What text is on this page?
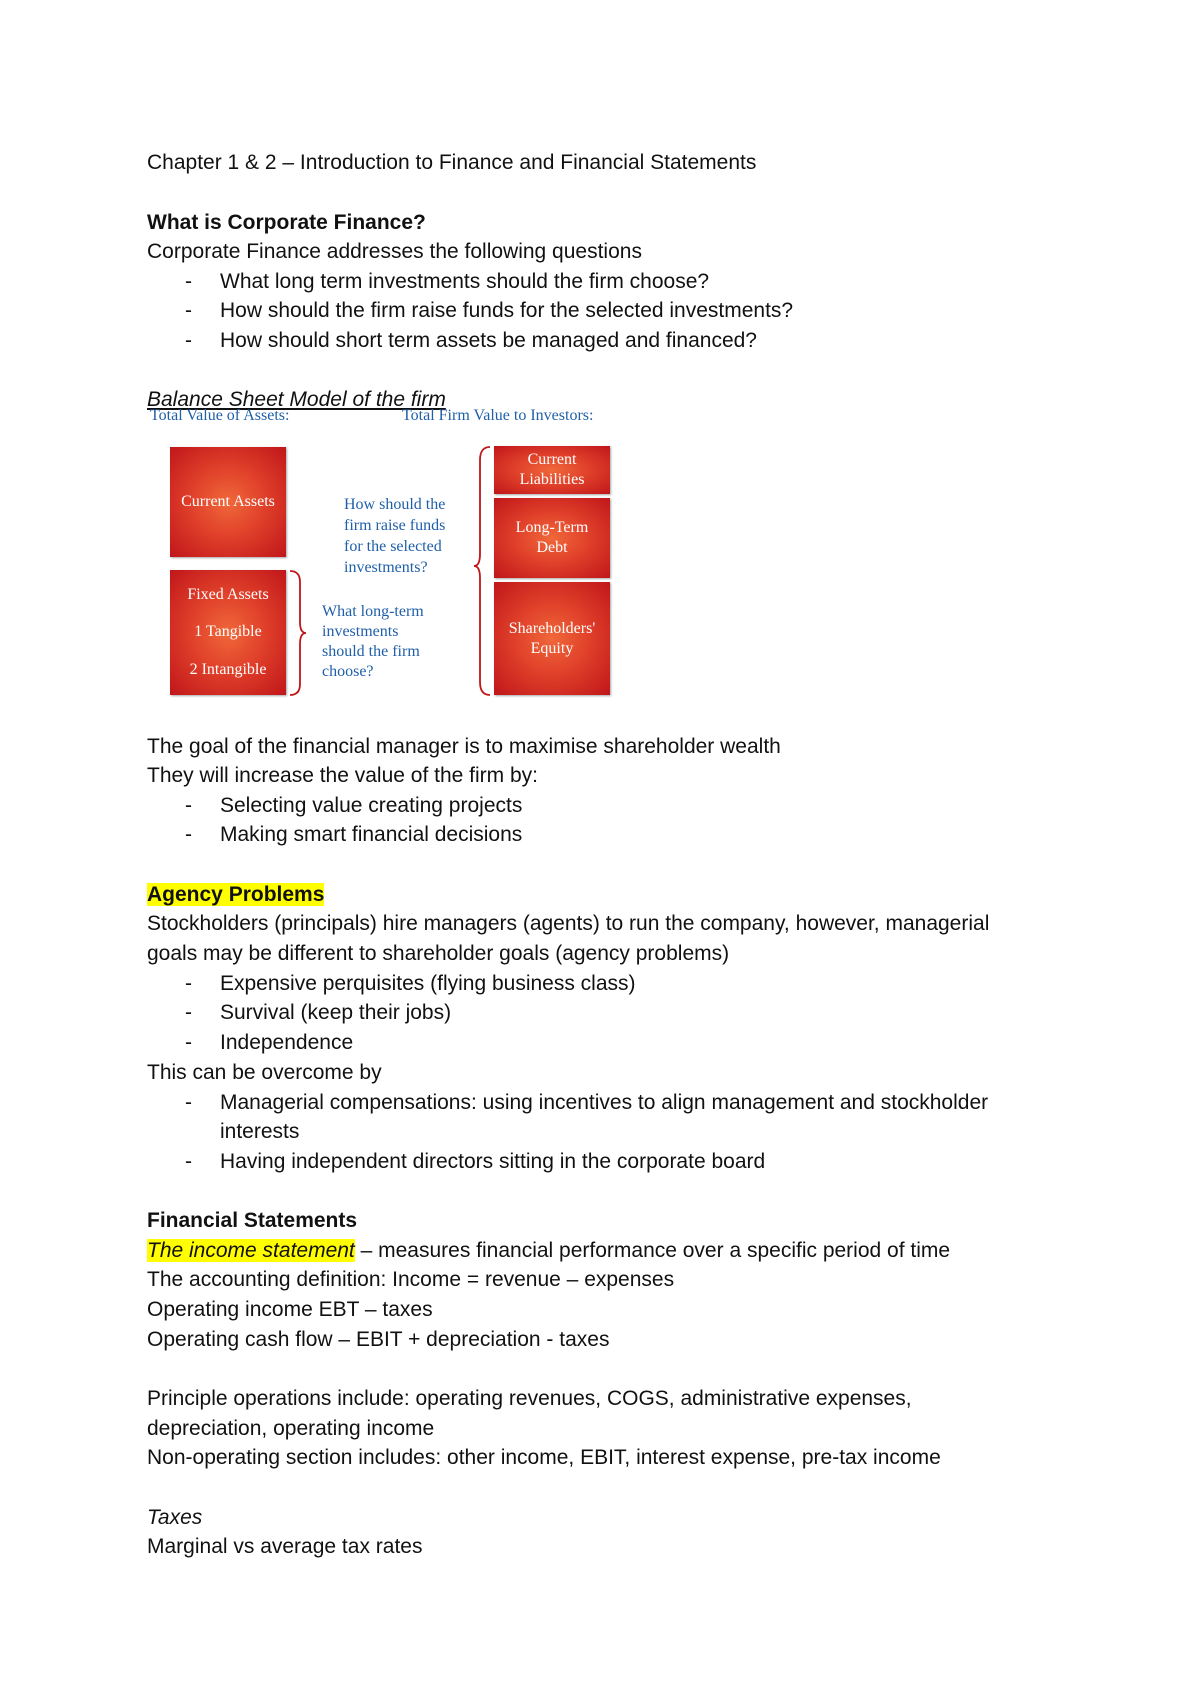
Chapter 1 & 2 – Introduction to Finance and Financial Statements

What is Corporate Finance?

Corporate Finance addresses the following questions

- What long term investments should the firm choose?
- How should the firm raise funds for the selected investments?
- How should short term assets be managed and financed?

Balance Sheet Model of the firm

Total Value of Assets:	Total Firm Value to Investors:
Current Assets
Fixed Assets
1 Tangible
2 Intangible
Current
Liabilities
Long-Term
Debt
Shareholders'
Equity
How should the
firm raise funds
for the selected
investments?
What long-term
investments
should the firm
choose?

The goal of the financial manager is to maximise shareholder wealth

They will increase the value of the firm by:

- Selecting value creating projects
- Making smart financial decisions

Agency Problems

Stockholders (principals) hire managers (agents) to run the company, however, managerial

goals may be different to shareholder goals (agency problems)

- Expensive perquisites (flying business class)
- Survival (keep their jobs)
- Independence

This can be overcome by

- Managerial compensations: using incentives to align management and stockholder

interests

- Having independent directors sitting in the corporate board

Financial Statements

The income statement – measures financial performance over a specific period of time

The accounting definition: Income = revenue – expenses

Operating income EBT – taxes

Operating cash flow – EBIT + depreciation - taxes

Principle operations include: operating revenues, COGS, administrative expenses,

depreciation, operating income

Non-operating section includes: other income, EBIT, interest expense, pre-tax income

Taxes

Marginal vs average tax rates
